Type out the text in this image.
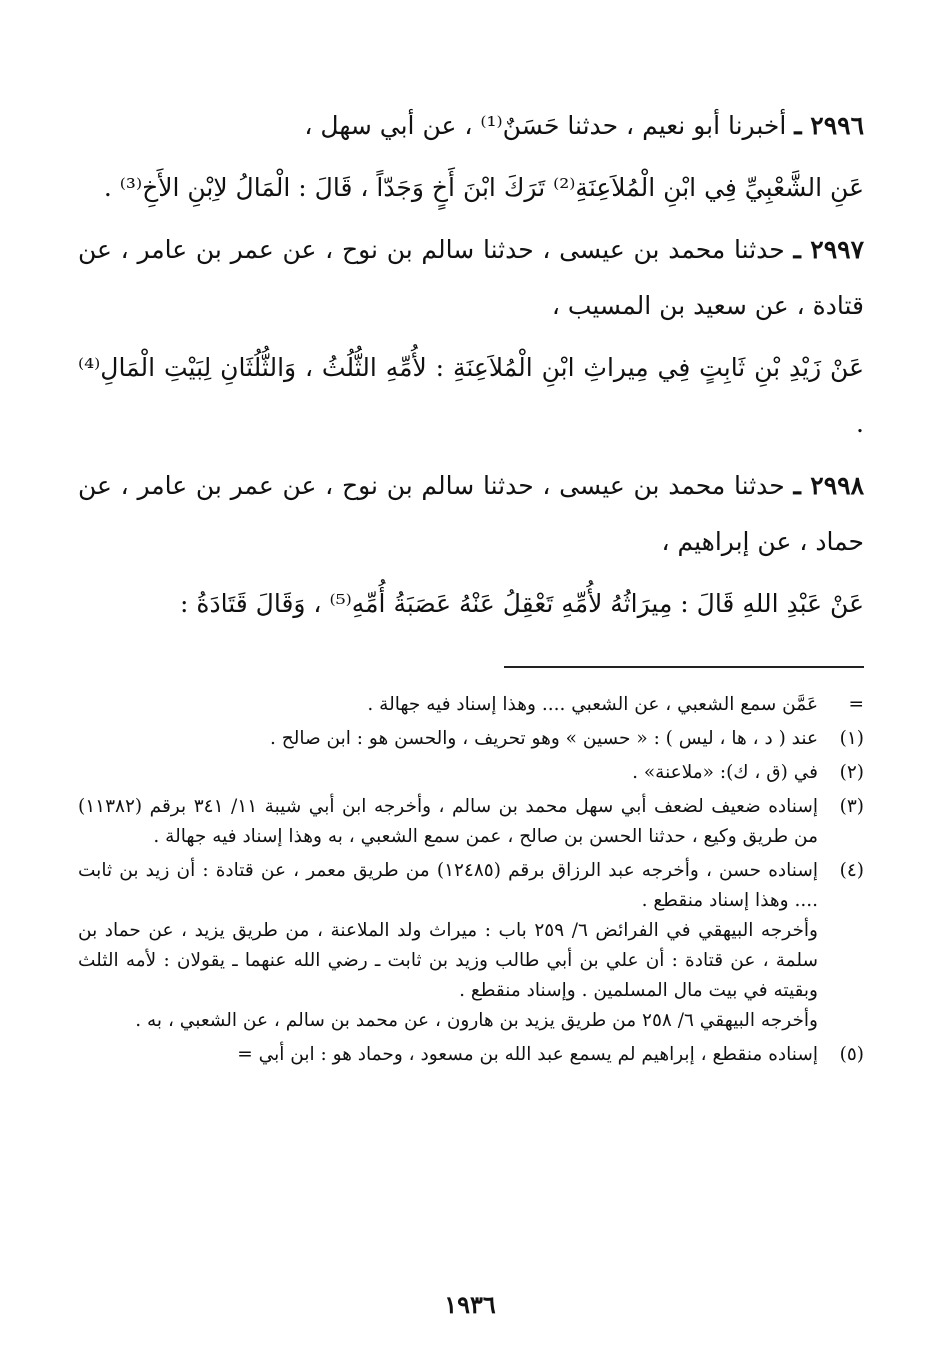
٢٩٩٦ ـ أخبرنا أبو نعيم ، حدثنا حَسَنٌ⁽¹⁾ ، عن أبي سهل ،

عَنِ الشَّعْبِيِّ فِي ابْنِ الْمُلاَعِنَةِ⁽²⁾ تَرَكَ ابْنَ أَخٍ وَجَدّاً ، قَالَ : الْمَالُ لاِبْنِ الأَخِ⁽³⁾ .

٢٩٩٧ ـ حدثنا محمد بن عيسى ، حدثنا سالم بن نوح ، عن عمر بن عامر ، عن قتادة ، عن سعيد بن المسيب ،

عَنْ زَيْدِ بْنِ ثَابِتٍ فِي مِيراثِ ابْنِ الْمُلاَعِنَةِ : لأُمِّهِ الثُّلُثُ ، وَالثُّلُثَانِ لِبَيْتِ الْمَالِ⁽⁴⁾ .

٢٩٩٨ ـ حدثنا محمد بن عيسى ، حدثنا سالم بن نوح ، عن عمر بن عامر ، عن حماد ، عن إبراهيم ،

عَنْ عَبْدِ اللهِ قَالَ : مِيرَاثُهُ لأُمِّهِ تَعْقِلُ عَنْهُ عَصَبَةُ أُمِّهِ⁽⁵⁾ ، وَقَالَ قَتَادَةُ :

=
عَمَّن سمع الشعبي ، عن الشعبي .... وهذا إسناد فيه جهالة .
(١)
عند ( د ، ها ، ليس ) : « حسين » وهو تحريف ، والحسن هو : ابن صالح .
(٢)
في (ق ، ك): «ملاعنة» .
(٣)
إسناده ضعيف لضعف أبي سهل محمد بن سالم ، وأخرجه ابن أبي شيبة ١١/ ٣٤١ برقم (١١٣٨٢) من طريق وكيع ، حدثنا الحسن بن صالح ، عمن سمع الشعبي ، به وهذا إسناد فيه جهالة .
(٤)
إسناده حسن ، وأخرجه عبد الرزاق برقم (١٢٤٨٥) من طريق معمر ، عن قتادة : أن زيد بن ثابت .... وهذا إسناد منقطع .
وأخرجه البيهقي في الفرائض ٦/ ٢٥٩ باب : ميراث ولد الملاعنة ، من طريق يزيد ، عن حماد بن سلمة ، عن قتادة : أن علي بن أبي طالب وزيد بن ثابت ـ رضي الله عنهما ـ يقولان : لأمه الثلث وبقيته في بيت مال المسلمين . وإسناد منقطع .
وأخرجه البيهقي ٦/ ٢٥٨ من طريق يزيد بن هارون ، عن محمد بن سالم ، عن الشعبي ، به .
(٥)
إسناده منقطع ، إبراهيم لم يسمع عبد الله بن مسعود ، وحماد هو : ابن أبي =
١٩٣٦
